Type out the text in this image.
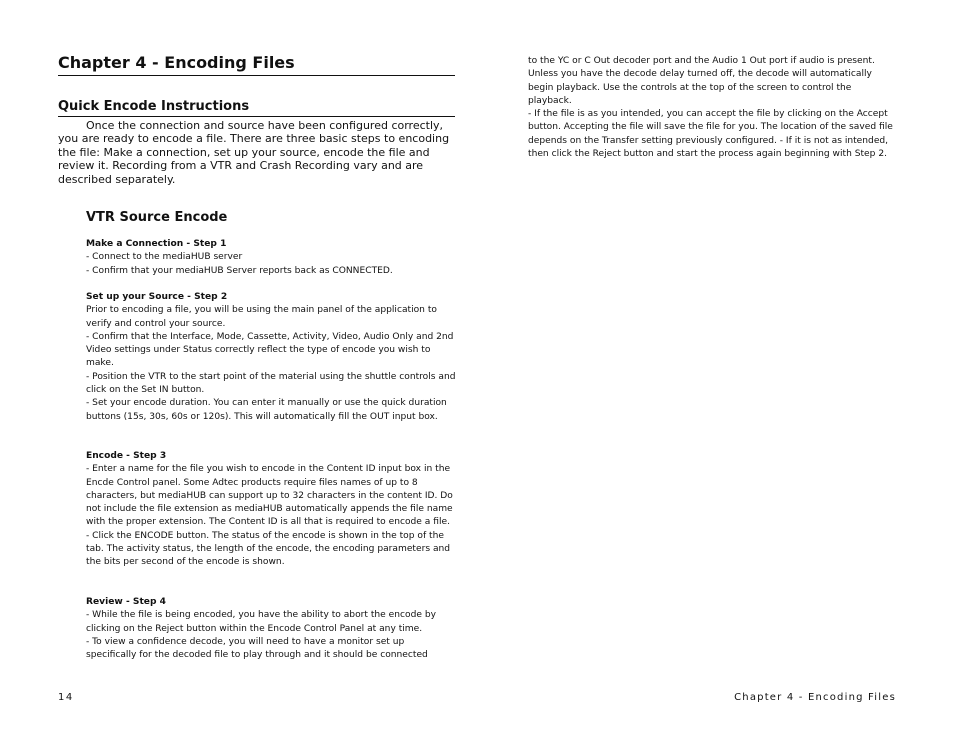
Chapter 4 - Encoding Files
Quick Encode Instructions
Once the connection and source have been configured correctly, you are ready to encode a file. There are three basic steps to encoding the file: Make a connection, set up your source, encode the file and review it. Recording from a VTR and Crash Recording vary and are described separately.
VTR Source Encode

Make a Connection - Step 1

- Connect to the mediaHUB server

- Confirm that your mediaHUB Server reports back as CONNECTED.

Set up your Source - Step 2

Prior to encoding a file, you will be using the main panel of the application to verify and control your source.

- Confirm that the Interface, Mode, Cassette, Activity, Video, Audio Only and 2nd Video settings under Status correctly reflect the type of encode you wish to make.

- Position the VTR to the start point of the material using the shuttle controls and click on the Set IN button.

- Set your encode duration. You can enter it manually or use the quick duration buttons (15s, 30s, 60s or 120s). This will automatically fill the OUT input box.

Encode - Step 3

- Enter a name for the file you wish to encode in the Content ID input box in the Encde Control panel. Some Adtec products require files names of up to 8 characters, but mediaHUB can support up to 32 characters in the content ID. Do not include the file extension as mediaHUB automatically appends the file name with the proper extension. The Content ID is all that is required to encode a file.

- Click the ENCODE button. The status of the encode is shown in the top of the tab. The activity status, the length of the encode, the encoding parameters and the bits per second of the encode is shown.

Review - Step 4

- While the file is being encoded, you have the ability to abort the encode by clicking on the Reject button within the Encode Control Panel at any time.

- To view a confidence decode, you will need to have a monitor set up specifically for the decoded file to play through and it should be connected

to the YC or C Out decoder port and the Audio 1 Out port if audio is present. Unless you have the decode delay turned off, the decode will automatically begin playback. Use the controls at the top of the screen to control the playback.

- If the file is as you intended, you can accept the file by clicking on the Accept button. Accepting the file will save the file for you. The location of the saved file depends on the Transfer setting previously configured. - If it is not as intended, then click the Reject button and start the process again beginning with Step 2.

14	Chapter 4 - Encoding Files
